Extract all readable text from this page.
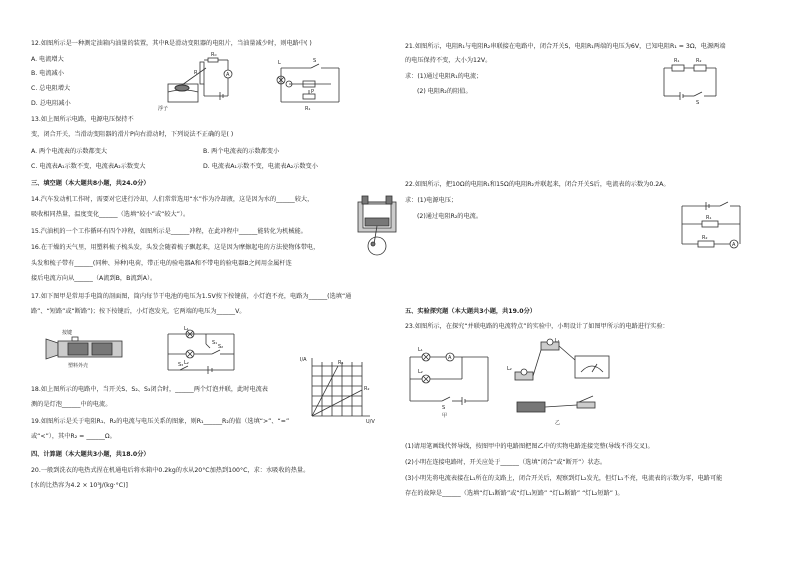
12.如图所示是一种测定油箱内油量的装置，其中R是滑动变阻器的电阻片，当油量减少时，则电路中( )
A. 电流增大
B. 电流减小
C. 总电阻增大
D. 总电阻减小
浮子
R₀
R	A
L	S
P
R₁
13.如上图所示电路，电源电压保持不
变，闭合开关，当滑动变阻器的滑片P向右滑动时，下列说法不正确的是( )
A. 两个电流表的示数都变大	B. 两个电流表的示数都变小
C. 电流表A₁示数不变，电流表A₂示数变大	D. 电流表A₁示数不变，电流表A₂示数变小
三、填空题（本大题共8小题，共24.0分）
14.汽车发动机工作时，需要对它进行冷却，人们常常选用“水”作为冷却液，这是因为水的______较大，
吸收相同热量，温度变化______（选填“较小”或“较大”）。
15.汽油机的一个工作循环有四个冲程，如图所示是______冲程，在此冲程中______能转化为机械能。
16.在干燥的天气里，用塑料梳子梳头发，头发会随着梳子飘起来，这是因为摩擦起电的方法使物体带电，
头发和梳子带有______(同种、异种)电荷，带正电的验电器A和不带电的验电器B之间用金属杆连
接后电流方向从______（A流到B，B流到A）。
17.如下图甲是常用手电筒的剖面图，筒内每节干电池的电压为1.5V按下按键前，小灯泡不亮，电路为______(选填“通
路”、“短路”或“断路”)；按下按键后，小灯泡发光，它两端的电压为______V。
按键
塑料外壳
L₁
L₂
S₁
S₂
S₃
I/A
U/V
R₁
R₂
18.如上图所示的电路中，当开关S、S₂、S₃闭合时，______两个灯泡并联，此时电流表
测的是灯泡______中的电流。
19.如图所示是关于电阻R₁、R₂的电流与电压关系的图象，则R₁______R₂的值（选填“>”、“=”
或“<”），其中R₂ = ______Ω。
四、计算题（本大题共3小题，共18.0分）
20.一般到洗衣的电热式捏在机通电后将水箱中0.2kg的水从20°C加热到100°C，求：水吸收的热量。
[水的比热容为4.2 × 10³J/(kg·°C)]
21.如图所示，电阻R₁与电阻R₂串联接在电路中，闭合开关S，电阻R₁两端的电压为6V，已知电阻R₁ = 3Ω，电源两端
的电压保持不变，大小为12V。
求：(1)通过电阻R₁的电流；
(2) 电阻R₂的阻值。
R₁	R₂
S
22.如图所示，把10Ω的电阻R₁和15Ω的电阻R₂并联起来，闭合开关S后，电流表的示数为0.2A。
求：(1)电源电压；
(2)通过电阻R₂的电流。	R₁
R₂
A
五、实验探究题（本大题共3小题，共19.0分）
23.如图所示，在探究“并联电路的电流特点”的实验中，小明设计了如图甲所示的电路进行实验：
L₁
A
L₂
S
甲
L₁
L₂
乙
(1)请用笔画线代替导线，按图甲中的电路图把图乙中的实物电路连接完整(导线不得交叉)。
(2)小明在连接电路时，开关应处于______（选填“闭合”或“断开”）状态。
(3)小明先将电流表接在L₁所在的支路上，闭合开关后，观察到灯L₂发光，但灯L₁不亮，电流表的示数为零，电路可能
存在的故障是______（选填“灯L₁断路”或“灯L₁短路” “灯L₂断路” “灯L₂短路” )。
